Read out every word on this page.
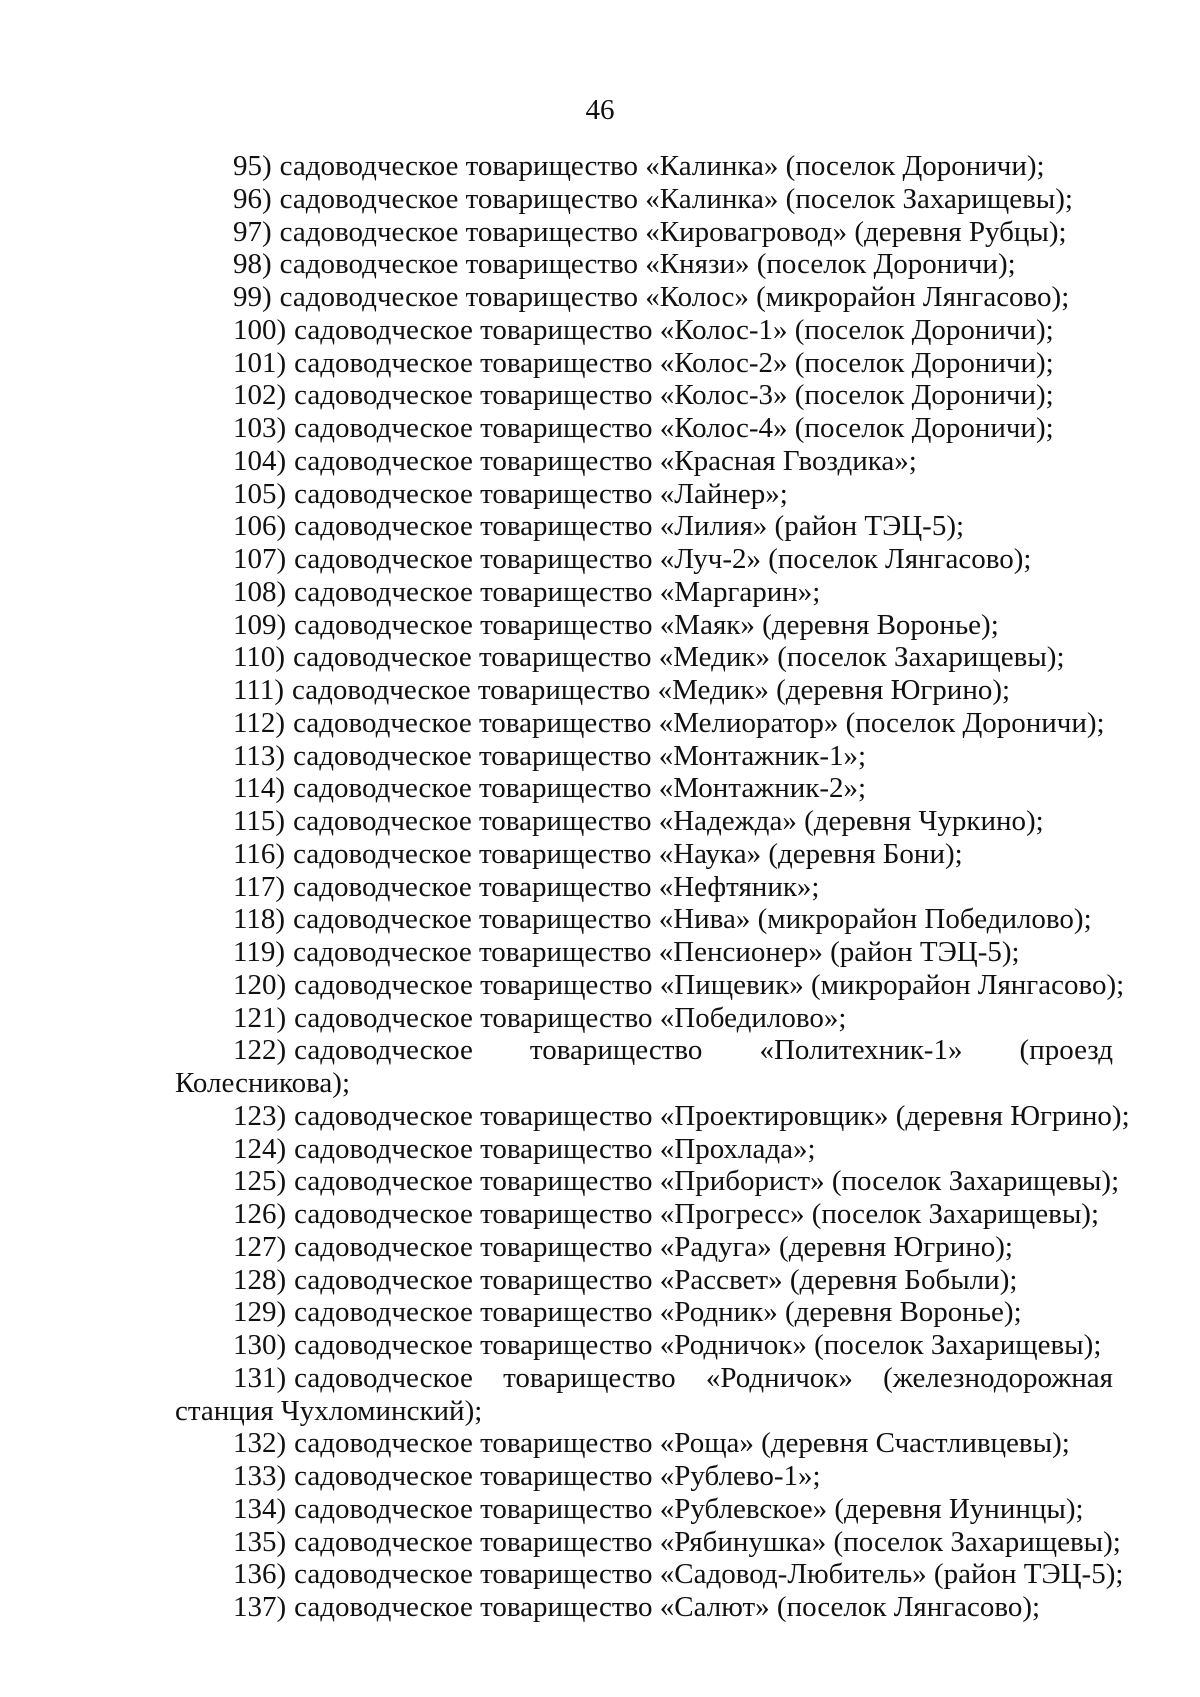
46
95) садоводческое товарищество «Калинка» (поселок Дороничи);
96) садоводческое товарищество «Калинка» (поселок Захарищевы);
97) садоводческое товарищество «Кировагровод» (деревня Рубцы);
98) садоводческое товарищество «Князи» (поселок Дороничи);
99) садоводческое товарищество «Колос» (микрорайон Лянгасово);
100) садоводческое товарищество «Колос-1» (поселок Дороничи);
101) садоводческое товарищество «Колос-2» (поселок Дороничи);
102) садоводческое товарищество «Колос-3» (поселок Дороничи);
103) садоводческое товарищество «Колос-4» (поселок Дороничи);
104) садоводческое товарищество «Красная Гвоздика»;
105) садоводческое товарищество «Лайнер»;
106) садоводческое товарищество «Лилия» (район ТЭЦ-5);
107) садоводческое товарищество «Луч-2» (поселок Лянгасово);
108) садоводческое товарищество «Маргарин»;
109) садоводческое товарищество «Маяк» (деревня Воронье);
110) садоводческое товарищество «Медик» (поселок Захарищевы);
111) садоводческое товарищество «Медик» (деревня Югрино);
112) садоводческое товарищество «Мелиоратор» (поселок Дороничи);
113) садоводческое товарищество «Монтажник-1»;
114) садоводческое товарищество «Монтажник-2»;
115) садоводческое товарищество «Надежда» (деревня Чуркино);
116) садоводческое товарищество «Наука» (деревня Бони);
117) садоводческое товарищество «Нефтяник»;
118) садоводческое товарищество «Нива» (микрорайон Победилово);
119) садоводческое товарищество «Пенсионер» (район ТЭЦ-5);
120) садоводческое товарищество «Пищевик» (микрорайон Лянгасово);
121) садоводческое товарищество «Победилово»;
122) садоводческое товарищество «Политехник-1» (проезд
Колесникова);
123) садоводческое товарищество «Проектировщик» (деревня Югрино);
124) садоводческое товарищество «Прохлада»;
125) садоводческое товарищество «Приборист» (поселок Захарищевы);
126) садоводческое товарищество «Прогресс» (поселок Захарищевы);
127) садоводческое товарищество «Радуга» (деревня Югрино);
128) садоводческое товарищество «Рассвет» (деревня Бобыли);
129) садоводческое товарищество «Родник» (деревня Воронье);
130) садоводческое товарищество «Родничок» (поселок Захарищевы);
131) садоводческое товарищество «Родничок» (железнодорожная
станция Чухломинский);
132) садоводческое товарищество «Роща» (деревня Счастливцевы);
133) садоводческое товарищество «Рублево-1»;
134) садоводческое товарищество «Рублевское» (деревня Иунинцы);
135) садоводческое товарищество «Рябинушка» (поселок Захарищевы);
136) садоводческое товарищество «Садовод-Любитель» (район ТЭЦ-5);
137) садоводческое товарищество «Салют» (поселок Лянгасово);
